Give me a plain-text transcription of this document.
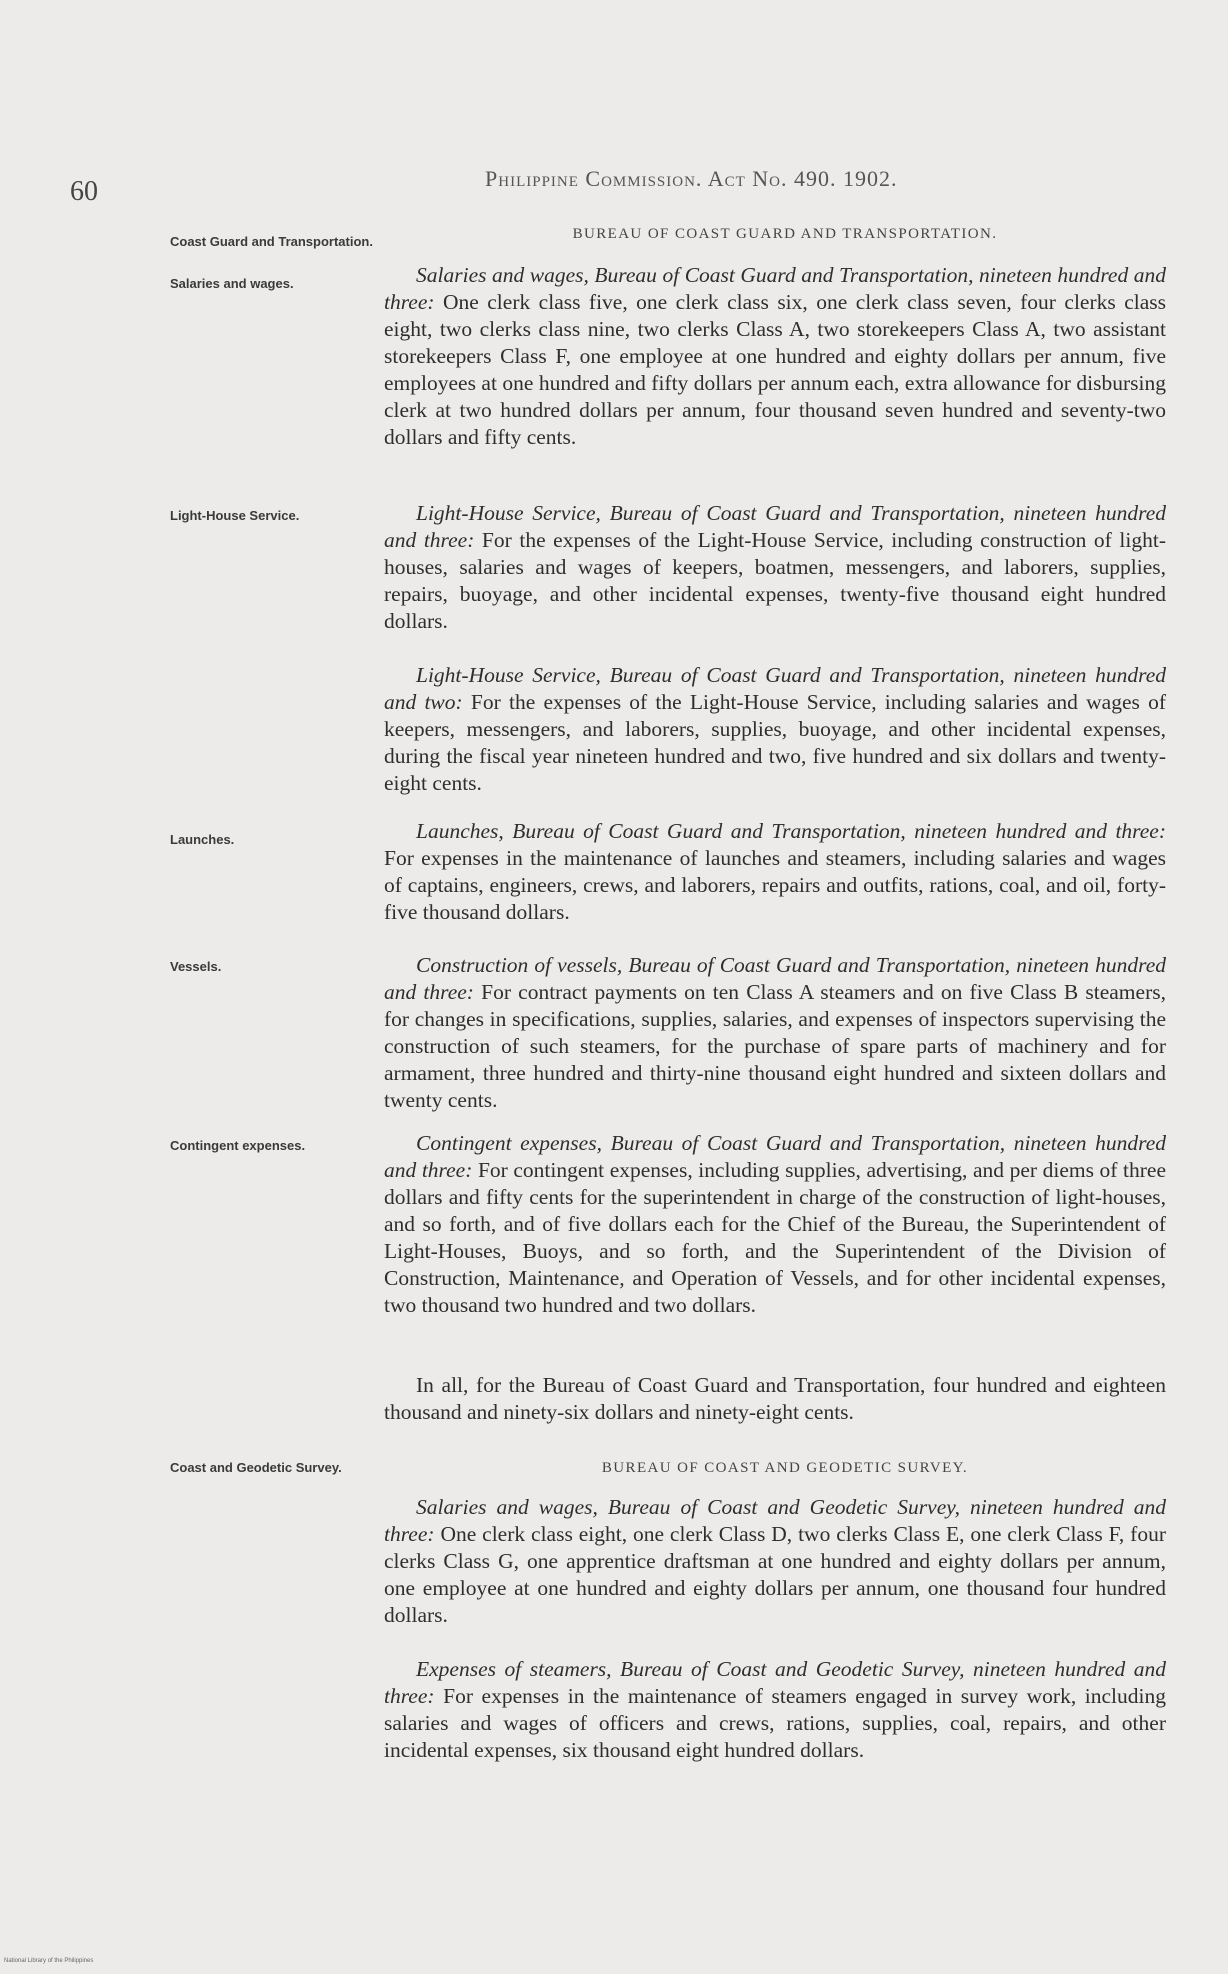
60	Philippine Commission. Act No. 490. 1902.
Coast Guard and Transportation.
Salaries and wages.
Light-House Service.
Launches.
Vessels.
Contingent expenses.
Coast and Geodetic Survey.
BUREAU OF COAST GUARD AND TRANSPORTATION.
Salaries and wages, Bureau of Coast Guard and Transportation, nineteen hundred and three: One clerk class five, one clerk class six, one clerk class seven, four clerks class eight, two clerks class nine, two clerks Class A, two storekeepers Class A, two assistant storekeepers Class F, one employee at one hundred and eighty dollars per annum, five employees at one hundred and fifty dollars per annum each, extra allowance for disbursing clerk at two hundred dollars per annum, four thousand seven hundred and seventy-two dollars and fifty cents.
Light-House Service, Bureau of Coast Guard and Transportation, nineteen hundred and three: For the expenses of the Light-House Service, including construction of light-houses, salaries and wages of keepers, boatmen, messengers, and laborers, supplies, repairs, buoyage, and other incidental expenses, twenty-five thousand eight hundred dollars.
Light-House Service, Bureau of Coast Guard and Transportation, nineteen hundred and two: For the expenses of the Light-House Service, including salaries and wages of keepers, messengers, and laborers, supplies, buoyage, and other incidental expenses, during the fiscal year nineteen hundred and two, five hundred and six dollars and twenty-eight cents.
Launches, Bureau of Coast Guard and Transportation, nineteen hundred and three: For expenses in the maintenance of launches and steamers, including salaries and wages of captains, engineers, crews, and laborers, repairs and outfits, rations, coal, and oil, forty-five thousand dollars.
Construction of vessels, Bureau of Coast Guard and Transportation, nineteen hundred and three: For contract payments on ten Class A steamers and on five Class B steamers, for changes in specifications, supplies, salaries, and expenses of inspectors supervising the construction of such steamers, for the purchase of spare parts of machinery and for armament, three hundred and thirty-nine thousand eight hundred and sixteen dollars and twenty cents.
Contingent expenses, Bureau of Coast Guard and Transportation, nineteen hundred and three: For contingent expenses, including supplies, advertising, and per diems of three dollars and fifty cents for the superintendent in charge of the construction of light-houses, and so forth, and of five dollars each for the Chief of the Bureau, the Superintendent of Light-Houses, Buoys, and so forth, and the Superintendent of the Division of Construction, Maintenance, and Operation of Vessels, and for other incidental expenses, two thousand two hundred and two dollars.
In all, for the Bureau of Coast Guard and Transportation, four hundred and eighteen thousand and ninety-six dollars and ninety-eight cents.
BUREAU OF COAST AND GEODETIC SURVEY.
Salaries and wages, Bureau of Coast and Geodetic Survey, nineteen hundred and three: One clerk class eight, one clerk Class D, two clerks Class E, one clerk Class F, four clerks Class G, one apprentice draftsman at one hundred and eighty dollars per annum, one employee at one hundred and eighty dollars per annum, one thousand four hundred dollars.
Expenses of steamers, Bureau of Coast and Geodetic Survey, nineteen hundred and three: For expenses in the maintenance of steamers engaged in survey work, including salaries and wages of officers and crews, rations, supplies, coal, repairs, and other incidental expenses, six thousand eight hundred dollars.
National Library of the Philippines
